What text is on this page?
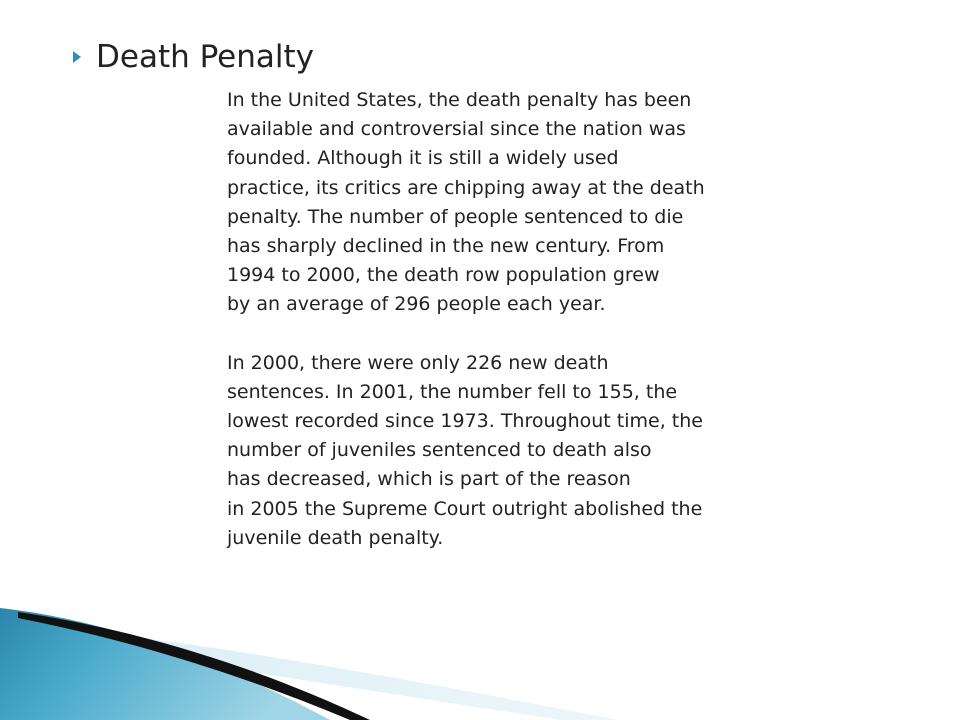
Death Penalty

In the United States, the death penalty has been
available and controversial since the nation was
founded. Although it is still a widely used
practice, its critics are chipping away at the death
penalty. The number of people sentenced to die
has sharply declined in the new century. From
1994 to 2000, the death row population grew
by an average of 296 people each year.

In 2000, there were only 226 new death
sentences. In 2001, the number fell to 155, the
lowest recorded since 1973. Throughout time, the
number of juveniles sentenced to death also
has decreased, which is part of the reason
in 2005 the Supreme Court outright abolished the
juvenile death penalty.
